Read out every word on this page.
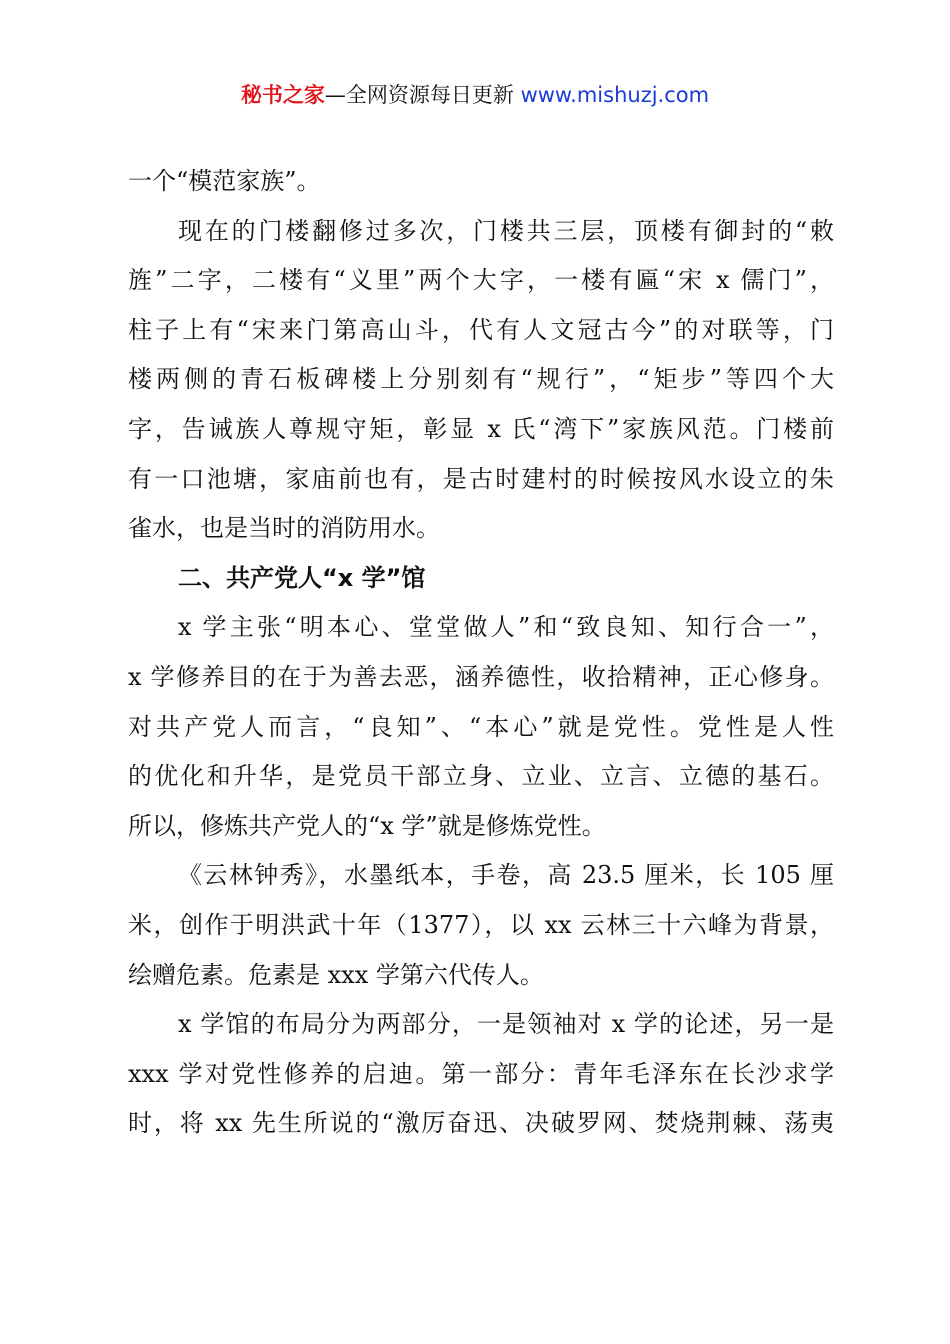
秘书之家—全网资源每日更新 www.mishuzj.com
一个“模范家族”。
现在的门楼翻修过多次，门楼共三层，顶楼有御封的“敕
旌”二字，二楼有“义里”两个大字，一楼有匾“宋 x 儒门”，
柱子上有“宋来门第高山斗，代有人文冠古今”的对联等，门
楼两侧的青石板碑楼上分别刻有“规行”，“矩步”等四个大
字，告诫族人尊规守矩，彰显 x 氏“湾下”家族风范。门楼前
有一口池塘，家庙前也有，是古时建村的时候按风水设立的朱
雀水，也是当时的消防用水。
二、共产党人“x 学”馆
x 学主张“明本心、堂堂做人”和“致良知、知行合一”，
x 学修养目的在于为善去恶，涵养德性，收拾精神，正心修身。
对共产党人而言，“良知”、“本心”就是党性。党性是人性
的优化和升华，是党员干部立身、立业、立言、立德的基石。
所以，修炼共产党人的“x 学”就是修炼党性。
《云林钟秀》，水墨纸本，手卷，高 23.5 厘米，长 105 厘
米，创作于明洪武十年（1377），以 xx 云林三十六峰为背景，
绘赠危素。危素是 xxx 学第六代传人。
x 学馆的布局分为两部分，一是领袖对 x 学的论述，另一是
xxx 学对党性修养的启迪。第一部分：青年毛泽东在长沙求学
时，将 xx 先生所说的“激厉奋迅、决破罗网、焚烧荆棘、荡夷
